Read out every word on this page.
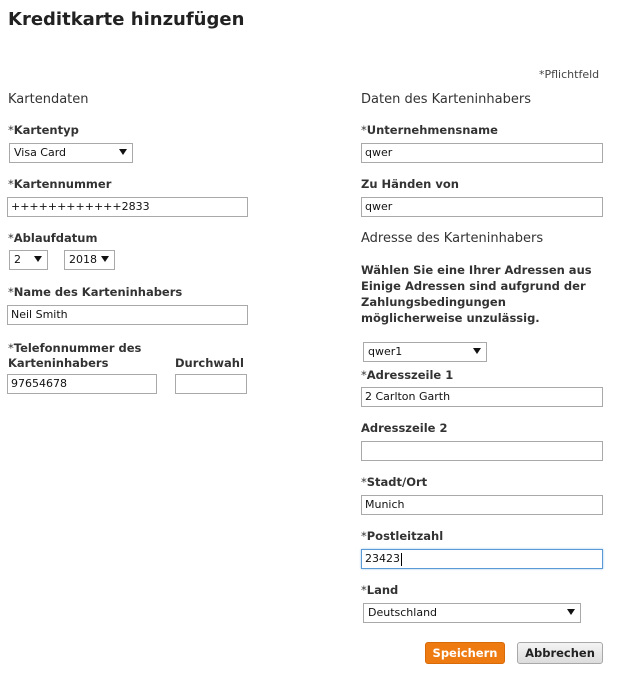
Kreditkarte hinzufügen
*Pflichtfeld
Kartendaten
*Kartentyp
Visa Card
*Kartennummer
++++++++++++2833
*Ablaufdatum
2	2018
*Name des Karteninhabers
Neil Smith
*Telefonnummer des
Karteninhabers	Durchwahl
97654678
Daten des Karteninhabers
*Unternehmensname
qwer
Zu Händen von
qwer
Adresse des Karteninhabers
Wählen Sie eine Ihrer Adressen aus Einige Adressen sind aufgrund der Zahlungsbedingungen möglicherweise unzulässig.
qwer1
*Adresszeile 1
2 Carlton Garth
Adresszeile 2
*Stadt/Ort
Munich
*Postleitzahl
23423
*Land
Deutschland
Speichern	Abbrechen
